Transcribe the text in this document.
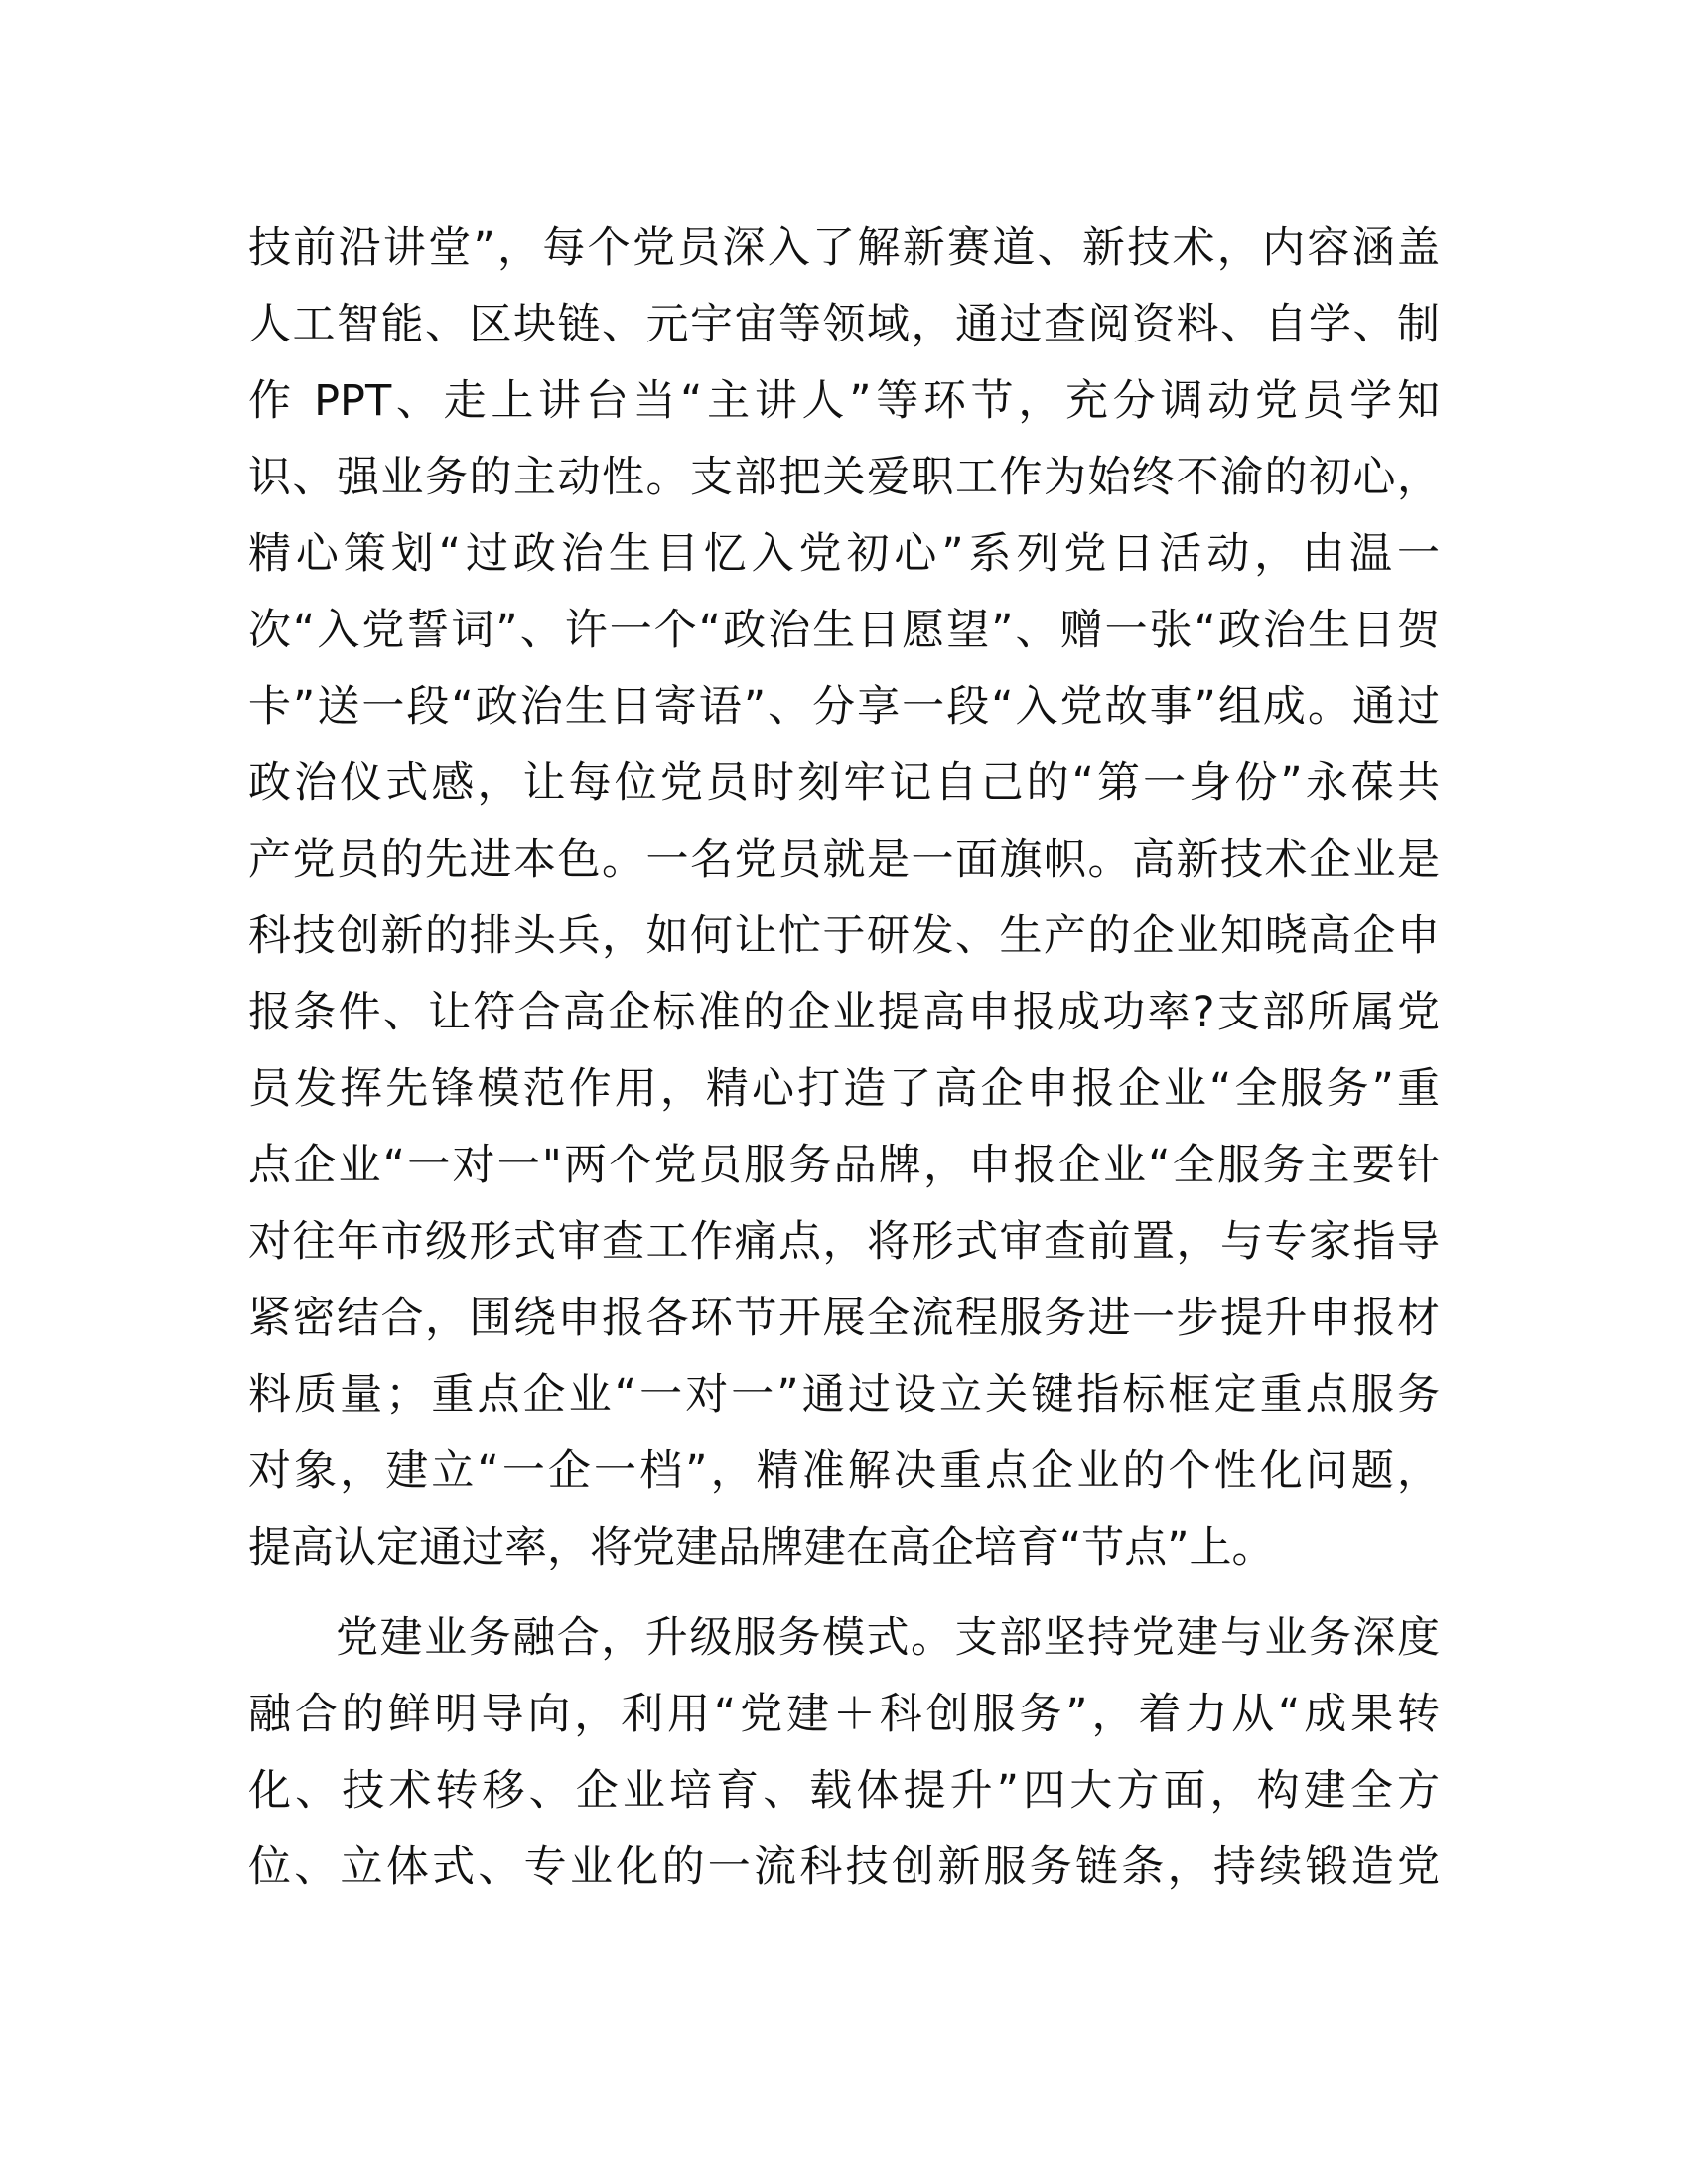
技前沿讲堂”，每个党员深入了解新赛道、新技术，内容涵盖
人工智能、区块链、元宇宙等领域，通过查阅资料、自学、制
作 PPT、走上讲台当“主讲人”等环节，充分调动党员学知
识、强业务的主动性。支部把关爱职工作为始终不渝的初心，
精心策划“过政治生目忆入党初心”系列党日活动，由温一
次“入党誓词”、许一个“政治生日愿望”、赠一张“政治生日贺
卡”送一段“政治生日寄语”、分享一段“入党故事”组成。通过
政治仪式感，让每位党员时刻牢记自己的“第一身份”永葆共
产党员的先进本色。一名党员就是一面旗帜。高新技术企业是
科技创新的排头兵，如何让忙于研发、生产的企业知晓高企申
报条件、让符合高企标准的企业提高申报成功率?支部所属党
员发挥先锋模范作用，精心打造了高企申报企业“全服务”重
点企业“一对一"两个党员服务品牌，申报企业“全服务主要针
对往年市级形式审查工作痛点，将形式审查前置，与专家指导
紧密结合，围绕申报各环节开展全流程服务进一步提升申报材
料质量；重点企业“一对一”通过设立关键指标框定重点服务
对象，建立“一企一档”，精准解决重点企业的个性化问题，
提高认定通过率，将党建品牌建在高企培育“节点”上。
党建业务融合，升级服务模式。支部坚持党建与业务深度
融合的鲜明导向，利用“党建＋科创服务”，着力从“成果转
化、技术转移、企业培育、载体提升”四大方面，构建全方
位、立体式、专业化的一流科技创新服务链条，持续锻造党
